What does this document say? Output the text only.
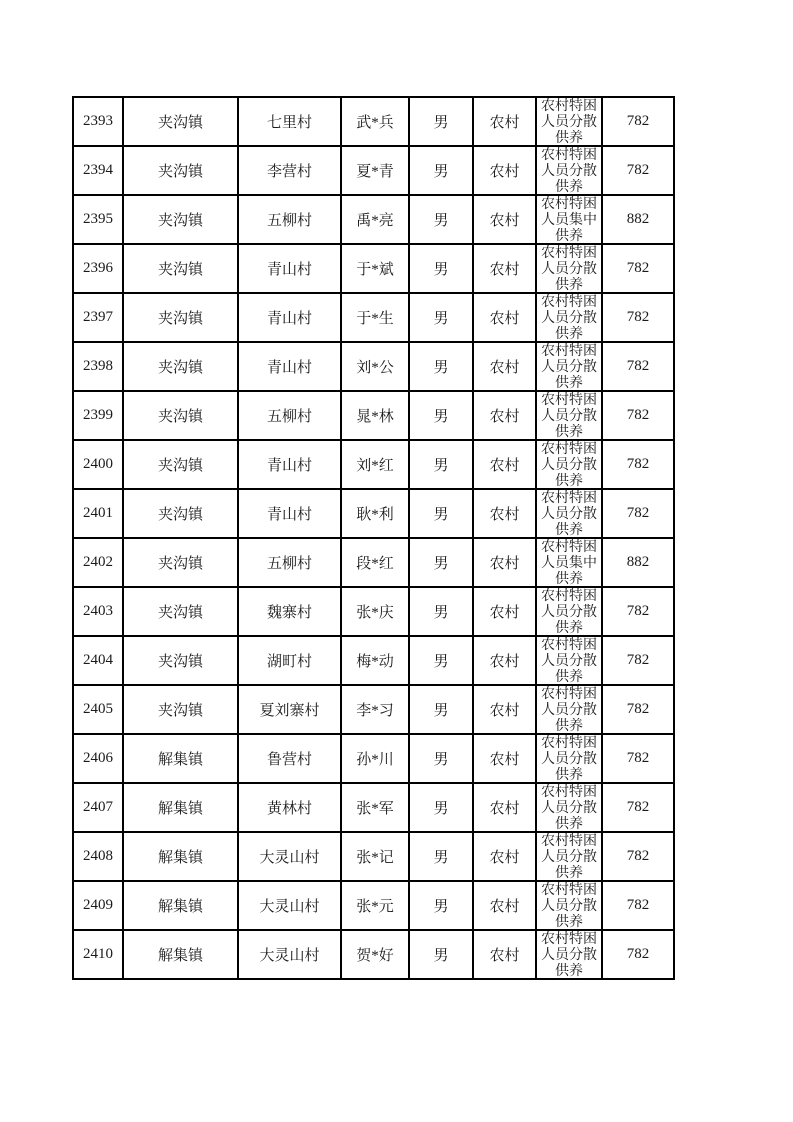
2393	夹沟镇	七里村	武*兵	男	农村	农村特困人员分散供养	782
2394	夹沟镇	李营村	夏*青	男	农村	农村特困人员分散供养	782
2395	夹沟镇	五柳村	禹*亮	男	农村	农村特困人员集中供养	882
2396	夹沟镇	青山村	于*斌	男	农村	农村特困人员分散供养	782
2397	夹沟镇	青山村	于*生	男	农村	农村特困人员分散供养	782
2398	夹沟镇	青山村	刘*公	男	农村	农村特困人员分散供养	782
2399	夹沟镇	五柳村	晁*林	男	农村	农村特困人员分散供养	782
2400	夹沟镇	青山村	刘*红	男	农村	农村特困人员分散供养	782
2401	夹沟镇	青山村	耿*利	男	农村	农村特困人员分散供养	782
2402	夹沟镇	五柳村	段*红	男	农村	农村特困人员集中供养	882
2403	夹沟镇	魏寨村	张*庆	男	农村	农村特困人员分散供养	782
2404	夹沟镇	湖町村	梅*动	男	农村	农村特困人员分散供养	782
2405	夹沟镇	夏刘寨村	李*习	男	农村	农村特困人员分散供养	782
2406	解集镇	鲁营村	孙*川	男	农村	农村特困人员分散供养	782
2407	解集镇	黄林村	张*军	男	农村	农村特困人员分散供养	782
2408	解集镇	大灵山村	张*记	男	农村	农村特困人员分散供养	782
2409	解集镇	大灵山村	张*元	男	农村	农村特困人员分散供养	782
2410	解集镇	大灵山村	贺*好	男	农村	农村特困人员分散供养	782
